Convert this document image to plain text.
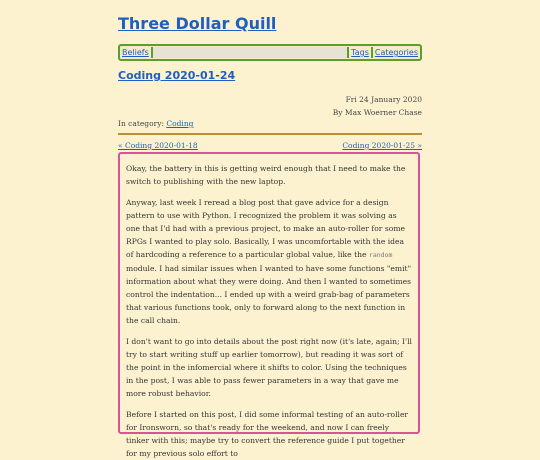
Three Dollar Quill
Beliefs	Tags Categories
Coding 2020-01-24
Fri 24 January 2020
By Max Woerner Chase
In category: Coding
« Coding 2020-01-18	Coding 2020-01-25 »

Okay, the battery in this is getting weird enough that I need to make the switch to publishing with the new laptop.

Anyway, last week I reread a blog post that gave advice for a design pattern to use with Python. I recognized the problem it was solving as one that I'd had with a previous project, to make an auto-roller for some RPGs I wanted to play solo. Basically, I was uncomfortable with the idea of hardcoding a reference to a particular global value, like the random module. I had similar issues when I wanted to have some functions "emit" information about what they were doing. And then I wanted to sometimes control the indentation... I ended up with a weird grab-bag of parameters that various functions took, only to forward along to the next function in the call chain.

I don't want to go into details about the post right now (it's late, again; I'll try to start writing stuff up earlier tomorrow), but reading it was sort of the point in the infomercial where it shifts to color. Using the techniques in the post, I was able to pass fewer parameters in a way that gave me more robust behavior.

Before I started on this post, I did some informal testing of an auto-roller for Ironsworn, so that's ready for the weekend, and now I can freely tinker with this; maybe try to convert the reference guide I put together for my previous solo effort to
